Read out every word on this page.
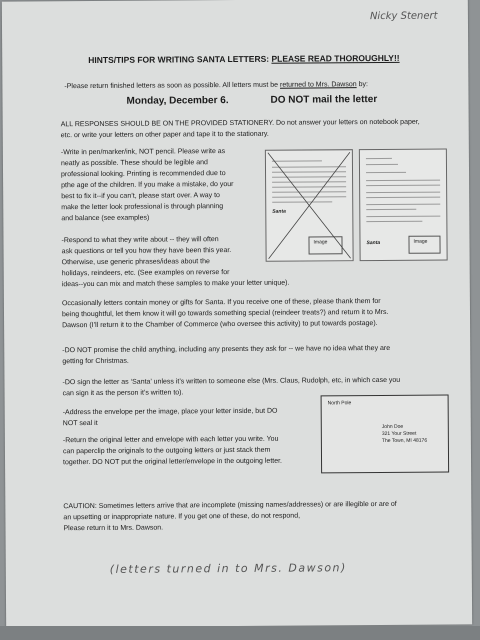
Nicky Stenert
HINTS/TIPS FOR WRITING SANTA LETTERS: PLEASE READ THOROUGHLY!!
-Please return finished letters as soon as possible. All letters must be returned to Mrs. Dawson by:
Monday, December 6.	DO NOT mail the letter
ALL RESPONSES SHOULD BE ON THE PROVIDED STATIONERY. Do not answer your letters on notebook paper,
etc. or write your letters on other paper and tape it to the stationary.
-Write in pen/marker/ink, NOT pencil. Please write as
neatly as possible. These should be legible and
professional looking. Printing is recommended due to
pthe age of the children. If you make a mistake, do your
best to fix it--if you can’t, please start over. A way to
make the letter look professional is through planning
and balance (see examples)
-Respond to what they write about -- they will often
ask questions or tell you how they have been this year.
Otherwise, use generic phrases/ideas about the
holidays, reindeers, etc. (See examples on reverse for
ideas--you can mix and match these samples to make your letter unique).
Santa
Image	Santa	Image
Occasionally letters contain money or gifts for Santa. If you receive one of these, please thank them for
being thoughtful, let them know it will go towards something special (reindeer treats?) and return it to Mrs.
Dawson (I’ll return it to the Chamber of Commerce (who oversee this activity) to put towards postage).
-DO NOT promise the child anything, including any presents they ask for -- we have no idea what they are
getting for Christmas.
-DO sign the letter as ‘Santa’ unless it’s written to someone else (Mrs. Claus, Rudolph, etc, in which case you
can sign it as the person it’s written to).
-Address the envelope per the image, place your letter inside, but DO
NOT seal it
North Pole
John Doe
321 Your Street
The Town, MI 48176
-Return the original letter and envelope with each letter you write. You
can paperclip the originals to the outgoing letters or just stack them
together. DO NOT put the original letter/envelope in the outgoing letter.
CAUTION: Sometimes letters arrive that are incomplete (missing names/addresses) or are illegible or are of
an upsetting or inappropriate nature. If you get one of these, do not respond,
Please return it to Mrs. Dawson.
(letters turned in to Mrs. Dawson)
